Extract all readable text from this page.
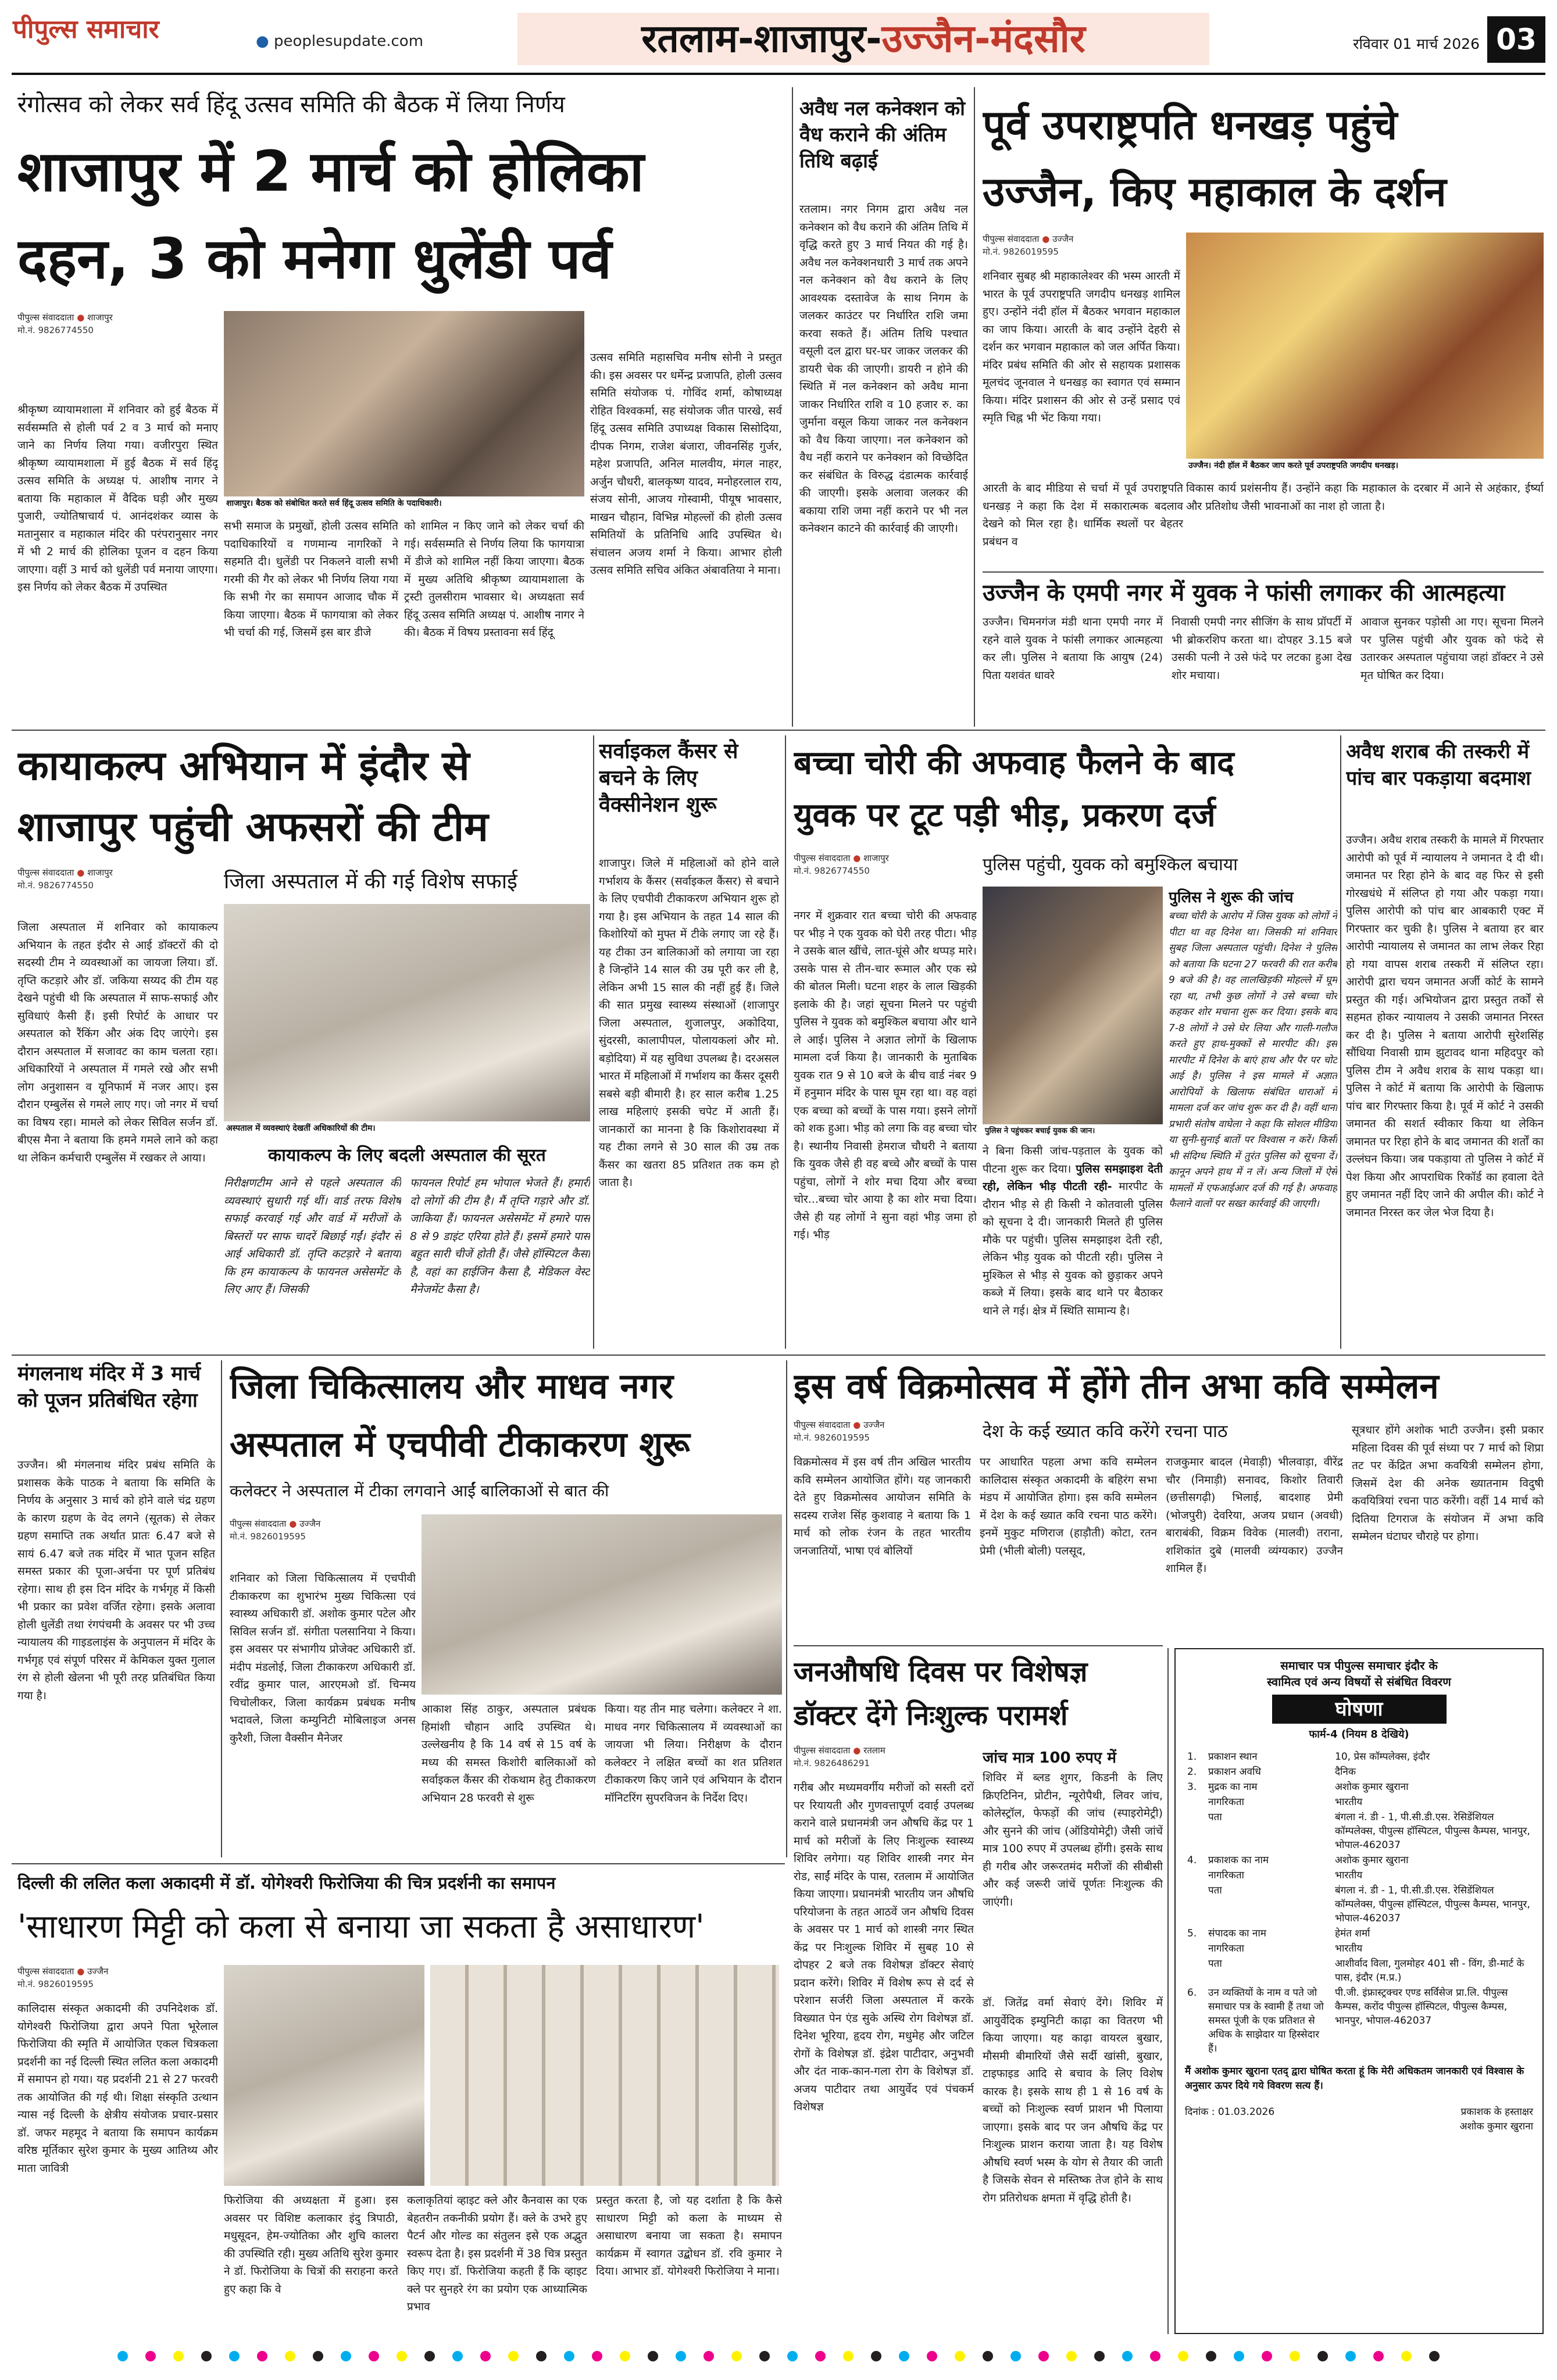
पीपुल्स समाचार	● peoplesupdate.com	रतलाम-शाजापुर-उज्जैन-मंदसौर	रविवार 01 मार्च 2026 03
रंगोत्सव को लेकर सर्व हिंदू उत्सव समिति की बैठक में लिया निर्णय
शाजापुर में 2 मार्च को होलिका
दहन, 3 को मनेगा धुलेंडी पर्व
पीपुल्स संवाददाता ● शाजापुर
मो.नं. 9826774550
शाजापुर। बैठक को संबोधित करते सर्व हिंदू उत्सव समिति के पदाधिकारी।
श्रीकृष्ण व्यायामशाला में शनिवार को हुई बैठक में सर्वसम्मति से होली पर्व 2 व 3 मार्च को मनाए जाने का निर्णय लिया गया। वजीरपुरा स्थित श्रीकृष्ण व्यायामशाला में हुई बैठक में सर्व हिंदू उत्सव समिति के अध्यक्ष पं. आशीष नागर ने बताया कि महाकाल में वैदिक घड़ी और मुख्य पुजारी, ज्योतिषाचार्य पं. आनंदशंकर व्यास के मतानुसार व महाकाल मंदिर की परंपरानुसार नगर में भी 2 मार्च की होलिका पूजन व दहन किया जाएगा। वहीं 3 मार्च को धुलेंडी पर्व मनाया जाएगा। इस निर्णय को लेकर बैठक में उपस्थित
सभी समाज के प्रमुखों, होली उत्सव समिति पदाधिकारियों व गणमान्य नागरिकों ने सहमति दी। धुलेंडी पर निकलने वाली सभी गरमी की गैर को लेकर भी निर्णय लिया गया कि सभी गेर का समापन आजाद चौक में किया जाएगा। बैठक में फागयात्रा को लेकर भी चर्चा की गई, जिसमें इस बार डीजे
को शामिल न किए जाने को लेकर चर्चा की गई। सर्वसम्मति से निर्णय लिया कि फागयात्रा में डीजे को शामिल नहीं किया जाएगा। बैठक में मुख्य अतिथि श्रीकृष्ण व्यायामशाला के ट्रस्टी तुलसीराम भावसार थे। अध्यक्षता सर्व हिंदू उत्सव समिति अध्यक्ष पं. आशीष नागर ने की। बैठक में विषय प्रस्तावना सर्व हिंदू
उत्सव समिति महासचिव मनीष सोनी ने प्रस्तुत की। इस अवसर पर धर्मेन्द्र प्रजापति, होली उत्सव समिति संयोजक पं. गोविंद शर्मा, कोषाध्यक्ष रोहित विश्वकर्मा, सह संयोजक जीत पारखे, सर्व हिंदू उत्सव समिति उपाध्यक्ष विकास सिसोदिया, दीपक निगम, राजेश बंजारा, जीवनसिंह गुर्जर, महेश प्रजापति, अनिल मालवीय, मंगल नाहर, अर्जुन चौधरी, बालकृष्ण यादव, मनोहरलाल राय, संजय सोनी, आजय गोस्वामी, पीयूष भावसार, माखन चौहान, विभिन्न मोहल्लों की होली उत्सव समितियों के प्रतिनिधि आदि उपस्थित थे। संचालन अजय शर्मा ने किया। आभार होली उत्सव समिति सचिव अंकित अंबावतिया ने माना।
अवैध नल कनेक्शन को वैध कराने की अंतिम तिथि बढ़ाई
रतलाम। नगर निगम द्वारा अवैध नल कनेक्शन को वैध कराने की अंतिम तिथि में वृद्धि करते हुए 3 मार्च नियत की गई है। अवैध नल कनेक्शनधारी 3 मार्च तक अपने नल कनेक्शन को वैध कराने के लिए आवश्यक दस्तावेज के साथ निगम के जलकर काउंटर पर निर्धारित राशि जमा करवा सकते हैं। अंतिम तिथि पश्चात वसूली दल द्वारा घर-घर जाकर जलकर की डायरी चेक की जाएगी। डायरी न होने की स्थिति में नल कनेक्शन को अवैध माना जाकर निर्धारित राशि व 10 हजार रु. का जुर्माना वसूल किया जाकर नल कनेक्शन को वैध किया जाएगा। नल कनेक्शन को वैध नहीं कराने पर कनेक्शन को विच्छेदित कर संबंधित के विरुद्ध दंडात्मक कार्रवाई की जाएगी। इसके अलावा जलकर की बकाया राशि जमा नहीं कराने पर भी नल कनेक्शन काटने की कार्रवाई की जाएगी।
पूर्व उपराष्ट्रपति धनखड़ पहुंचे
उज्जैन, किए महाकाल के दर्शन
पीपुल्स संवाददाता ● उज्जैन
मो.नं. 9826019595
शनिवार सुबह श्री महाकालेश्वर की भस्म आरती में भारत के पूर्व उपराष्ट्रपति जगदीप धनखड़ शामिल हुए। उन्होंने नंदी हॉल में बैठकर भगवान महाकाल का जाप किया। आरती के बाद उन्होंने देहरी से दर्शन कर भगवान महाकाल को जल अर्पित किया। मंदिर प्रबंध समिति की ओर से सहायक प्रशासक मूलचंद जूनवाल ने धनखड़ का स्वागत एवं सम्मान किया। मंदिर प्रशासन की ओर से उन्हें प्रसाद एवं स्मृति चिह्न भी भेंट किया गया।
उज्जैन। नंदी हॉल में बैठकर जाप करते पूर्व उपराष्ट्रपति जगदीप धनखड़।
आरती के बाद मीडिया से चर्चा में पूर्व उपराष्ट्रपति धनखड़ ने कहा कि देश में सकारात्मक बदलाव देखने को मिल रहा है। धार्मिक स्थलों पर बेहतर प्रबंधन व
विकास कार्य प्रशंसनीय हैं। उन्होंने कहा कि महाकाल के दरबार में आने से अहंकार, ईर्ष्या और प्रतिशोध जैसी भावनाओं का नाश हो जाता है।
उज्जैन के एमपी नगर में युवक ने फांसी लगाकर की आत्महत्या
उज्जैन। चिमनगंज मंडी थाना एमपी नगर में रहने वाले युवक ने फांसी लगाकर आत्महत्या कर ली। पुलिस ने बताया कि आयुष (24) पिता यशवंत धावरे
निवासी एमपी नगर सीजिंग के साथ प्रॉपर्टी में भी ब्रोकरशिप करता था। दोपहर 3.15 बजे उसकी पत्नी ने उसे फंदे पर लटका हुआ देख शोर मचाया।
आवाज सुनकर पड़ोसी आ गए। सूचना मिलने पर पुलिस पहुंची और युवक को फंदे से उतारकर अस्पताल पहुंचाया जहां डॉक्टर ने उसे मृत घोषित कर दिया।
कायाकल्प अभियान में इंदौर से
शाजापुर पहुंची अफसरों की टीम
पीपुल्स संवाददाता ● शाजापुर
मो.नं. 9826774550	जिला अस्पताल में की गई विशेष सफाई
जिला अस्पताल में शनिवार को कायाकल्प अभियान के तहत इंदौर से आई डॉक्टरों की दो सदस्यी टीम ने व्यवस्थाओं का जायजा लिया। डॉ. तृप्ति कटड़ारे और डॉ. जकिया सय्यद की टीम यह देखने पहुंची थी कि अस्पताल में साफ-सफाई और सुविधाएं कैसी हैं। इसी रिपोर्ट के आधार पर अस्पताल को रैंकिंग और अंक दिए जाएंगे। इस दौरान अस्पताल में सजावट का काम चलता रहा। अधिकारियों ने अस्पताल में गमले रखे और सभी लोग अनुशासन व यूनिफार्म में नजर आए। इस दौरान एम्बुलेंस से गमले लाए गए। जो नगर में चर्चा का विषय रहा। मामले को लेकर सिविल सर्जन डॉ. बीएस मैना ने बताया कि हमने गमले लाने को कहा था लेकिन कर्मचारी एम्बुलेंस में रखकर ले आया।
अस्पताल में व्यवस्थाएं देखतीं अधिकारियों की टीम।
कायाकल्प के लिए बदली अस्पताल की सूरत
निरीक्षणटीम आने से पहले अस्पताल की व्यवस्थाएं सुधारी गई थीं। वार्ड तरफ विशेष सफाई करवाई गई और वार्ड में मरीजों के बिस्तरों पर साफ चादरें बिछाई गईं। इंदौर से आई अधिकारी डॉ. तृप्ति कटड़ारे ने बताया कि हम कायाकल्प के फायनल असेसमेंट के लिए आए हैं। जिसकी
फायनल रिपोर्ट हम भोपाल भेजते हैं। हमारी दो लोगों की टीम है। मैं तृप्ति गड़ारे और डॉ. जाकिया हैं। फायनल असेसमेंट में हमारे पास 8 से 9 डाइंट एरिया होते हैं। इसमें हमारे पास बहुत सारी चीजें होती हैं। जैसे हॉस्पिटल कैसा है, वहां का हाईजिन कैसा है, मेडिकल वेस्ट मैनेजमेंट कैसा है।
सर्वाइकल कैंसर से बचने के लिए वैक्सीनेशन शुरू
शाजापुर। जिले में महिलाओं को होने वाले गर्भाशय के कैंसर (सर्वाइकल कैंसर) से बचाने के लिए एचपीवी टीकाकरण अभियान शुरू हो गया है। इस अभियान के तहत 14 साल की किशोरियों को मुफ्त में टीके लगाए जा रहे हैं। यह टीका उन बालिकाओं को लगाया जा रहा है जिन्होंने 14 साल की उम्र पूरी कर ली है, लेकिन अभी 15 साल की नहीं हुई हैं। जिले की सात प्रमुख स्वास्थ्य संस्थाओं (शाजापुर जिला अस्पताल, शुजालपुर, अकोदिया, सुंदरसी, कालापीपल, पोलायकलां और मो. बड़ोदिया) में यह सुविधा उपलब्ध है। दरअसल भारत में महिलाओं में गर्भाशय का कैंसर दूसरी सबसे बड़ी बीमारी है। हर साल करीब 1.25 लाख महिलाएं इसकी चपेट में आती हैं। जानकारों का मानना है कि किशोरावस्था में यह टीका लगने से 30 साल की उम्र तक कैंसर का खतरा 85 प्रतिशत तक कम हो जाता है।
बच्चा चोरी की अफवाह फैलने के बाद
युवक पर टूट पड़ी भीड़, प्रकरण दर्ज
पीपुल्स संवाददाता ● शाजापुर
मो.नं. 9826774550	पुलिस पहुंची, युवक को बमुश्किल बचाया
नगर में शुक्रवार रात बच्चा चोरी की अफवाह पर भीड़ ने एक युवक को घेरी तरह पीटा। भीड़ ने उसके बाल खींचे, लात-घूंसे और थप्पड़ मारे। उसके पास से तीन-चार रूमाल और एक स्प्रे की बोतल मिली। घटना शहर के लाल खिड़की इलाके की है। जहां सूचना मिलने पर पहुंची पुलिस ने युवक को बमुश्किल बचाया और थाने ले आई। पुलिस ने अज्ञात लोगों के खिलाफ मामला दर्ज किया है। जानकारी के मुताबिक युवक रात 9 से 10 बजे के बीच वार्ड नंबर 9 में हनुमान मंदिर के पास घूम रहा था। वह वहां एक बच्चा को बच्चों के पास गया। इसने लोगों को शक हुआ। भीड़ को लगा कि वह बच्चा चोर है। स्थानीय निवासी हेमराज चौधरी ने बताया कि युवक जैसे ही वह बच्चे और बच्चों के पास पहुंचा, लोगों ने शोर मचा दिया और बच्चा चोर...बच्चा चोर आया है का शोर मचा दिया। जैसे ही यह लोगों ने सुना वहां भीड़ जमा हो गई। भीड़
पुलिस ने पहुंचकर बचाई युवक की जान।
ने बिना किसी जांच-पड़ताल के युवक को पीटना शुरू कर दिया। पुलिस समझाइश देती रही, लेकिन भीड़ पीटती रही- मारपीट के दौरान भीड़ से ही किसी ने कोतवाली पुलिस को सूचना दे दी। जानकारी मिलते ही पुलिस मौके पर पहुंची। पुलिस समझाइश देती रही, लेकिन भीड़ युवक को पीटती रही। पुलिस ने मुश्किल से भीड़ से युवक को छुड़ाकर अपने कब्जे में लिया। इसके बाद थाने पर बैठाकर थाने ले गई। क्षेत्र में स्थिति सामान्य है।
पुलिस ने शुरू की जांच
बच्चा चोरी के आरोप में जिस युवक को लोगों ने पीटा था वह दिनेश था। जिसकी मां शनिवार सुबह जिला अस्पताल पहुंची। दिनेश ने पुलिस को बताया कि घटना 27 फरवरी की रात करीब 9 बजे की है। वह लालखिड़की मोहल्ले में घूम रहा था, तभी कुछ लोगों ने उसे बच्चा चोर कहकर शोर मचाना शुरू कर दिया। इसके बाद 7-8 लोगों ने उसे घेर लिया और गाली-गलौज करते हुए हाथ-मुक्कों से मारपीट की। इस मारपीट में दिनेश के बाएं हाथ और पैर पर चोट आई है। पुलिस ने इस मामले में अज्ञात आरोपियों के खिलाफ संबंधित धाराओं में मामला दर्ज कर जांच शुरू कर दी है। वहीं थाना प्रभारी संतोष वाघेला ने कहा कि सोशल मीडिया या सुनी-सुनाई बातों पर विश्वास न करें। किसी भी संदिग्ध स्थिति में तुरंत पुलिस को सूचना दें। कानून अपने हाथ में न लें। अन्य जिलों में ऐसे मामलों में एफआईआर दर्ज की गई है। अफवाह फैलाने वालों पर सख्त कार्रवाई की जाएगी।
अवैध शराब की तस्करी में पांच बार पकड़ाया बदमाश
उज्जैन। अवैध शराब तस्करी के मामले में गिरफ्तार आरोपी को पूर्व में न्यायालय ने जमानत दे दी थी। जमानत पर रिहा होने के बाद वह फिर से इसी गोरखधंधे में संलिप्त हो गया और पकड़ा गया। पुलिस आरोपी को पांच बार आबकारी एक्ट में गिरफ्तार कर चुकी है। पुलिस ने बताया हर बार आरोपी न्यायालय से जमानत का लाभ लेकर रिहा हो गया वापस शराब तस्करी में संलिप्त रहा। आरोपी द्वारा चयन जमानत अर्जी कोर्ट के सामने प्रस्तुत की गई। अभियोजन द्वारा प्रस्तुत तर्कों से सहमत होकर न्यायालय ने उसकी जमानत निरस्त कर दी है। पुलिस ने बताया आरोपी सुरेशसिंह सौंधिया निवासी ग्राम झुटावद थाना महिदपुर को पुलिस टीम ने अवैध शराब के साथ पकड़ा था। पुलिस ने कोर्ट में बताया कि आरोपी के खिलाफ पांच बार गिरफ्तार किया है। पूर्व में कोर्ट ने उसकी जमानत की सशर्त स्वीकार किया था लेकिन जमानत पर रिहा होने के बाद जमानत की शर्तों का उल्लंघन किया। जब पकड़ाया तो पुलिस ने कोर्ट में पेश किया और आपराधिक रिकॉर्ड का हवाला देते हुए जमानत नहीं दिए जाने की अपील की। कोर्ट ने जमानत निरस्त कर जेल भेज दिया है।
मंगलनाथ मंदिर में 3 मार्च को पूजन प्रतिबंधित रहेगा
उज्जैन। श्री मंगलनाथ मंदिर प्रबंध समिति के प्रशासक केके पाठक ने बताया कि समिति के निर्णय के अनुसार 3 मार्च को होने वाले चंद्र ग्रहण के कारण ग्रहण के वेद लगने (सूतक) से लेकर ग्रहण समाप्ति तक अर्थात प्रातः 6.47 बजे से सायं 6.47 बजे तक मंदिर में भात पूजन सहित समस्त प्रकार की पूजा-अर्चना पर पूर्ण प्रतिबंध रहेगा। साथ ही इस दिन मंदिर के गर्भगृह में किसी भी प्रकार का प्रवेश वर्जित रहेगा। इसके अलावा होली धुलेंडी तथा रंगपंचमी के अवसर पर भी उच्च न्यायालय की गाइडलाइंस के अनुपालन में मंदिर के गर्भगृह एवं संपूर्ण परिसर में केमिकल युक्त गुलाल रंग से होली खेलना भी पूरी तरह प्रतिबंधित किया गया है।
जिला चिकित्सालय और माधव नगर
अस्पताल में एचपीवी टीकाकरण शुरू
कलेक्टर ने अस्पताल में टीका लगवाने आईं बालिकाओं से बात की
पीपुल्स संवाददाता ● उज्जैन
मो.नं. 9826019595
शनिवार को जिला चिकित्सालय में एचपीवी टीकाकरण का शुभारंभ मुख्य चिकित्सा एवं स्वास्थ्य अधिकारी डॉ. अशोक कुमार पटेल और सिविल सर्जन डॉ. संगीता पलसानिया ने किया। इस अवसर पर संभागीय प्रोजेक्ट अधिकारी डॉ. मंदीप मंडलोई, जिला टीकाकरण अधिकारी डॉ. रवींद्र कुमार पाल, आरएमओ डॉ. चिन्मय चिचोलीकर, जिला कार्यक्रम प्रबंधक मनीष भदावले, जिला कम्युनिटी मोबिलाइज अनस कुरैशी, जिला वैक्सीन मैनेजर
आकाश सिंह ठाकुर, अस्पताल प्रबंधक हिमांशी चौहान आदि उपस्थित थे। उल्लेखनीय है कि 14 वर्ष से 15 वर्ष के मध्य की समस्त किशोरी बालिकाओं को सर्वाइकल कैंसर की रोकथाम हेतु टीकाकरण अभियान 28 फरवरी से शुरू
किया। यह तीन माह चलेगा। कलेक्टर ने शा. माधव नगर चिकित्सालय में व्यवस्थाओं का जायजा भी लिया। निरीक्षण के दौरान कलेक्टर ने लक्षित बच्चों का शत प्रतिशत टीकाकरण किए जाने एवं अभियान के दौरान मॉनिटरिंग सुपरविजन के निर्देश दिए।
इस वर्ष विक्रमोत्सव में होंगे तीन अभा कवि सम्मेलन
पीपुल्स संवाददाता ● उज्जैन
मो.नं. 9826019595	देश के कई ख्यात कवि करेंगे रचना पाठ
विक्रमोत्सव में इस वर्ष तीन अखिल भारतीय कवि सम्मेलन आयोजित होंगे। यह जानकारी देते हुए विक्रमोत्सव आयोजन समिति के सदस्य राजेश सिंह कुशवाह ने बताया कि 1 मार्च को लोक रंजन के तहत भारतीय जनजातियों, भाषा एवं बोलियों
पर आधारित पहला अभा कवि सम्मेलन कालिदास संस्कृत अकादमी के बहिरंग सभा मंडप में आयोजित होगा। इस कवि सम्मेलन में देश के कई ख्यात कवि रचना पाठ करेंगे। इनमें मुकुट मणिराज (हाड़ौती) कोटा, रतन प्रेमी (भीली बोली) पलसूद,
राजकुमार बादल (मेवाड़ी) भीलवाड़ा, वीरेंद्र चौर (निमाड़ी) सनावद, किशोर तिवारी (छत्तीसगढ़ी) भिलाई, बादशाह प्रेमी (भोजपुरी) देवरिया, अजय प्रधान (अवधी) बाराबंकी, विक्रम विवेक (मालवी) तराना, शशिकांत दुबे (मालवी व्यंग्यकार) उज्जैन शामिल हैं।
सूत्रधार होंगे अशोक भाटी उज्जैन। इसी प्रकार महिला दिवस की पूर्व संध्या पर 7 मार्च को शिप्रा तट पर केंद्रित अभा कवयित्री सम्मेलन होगा, जिसमें देश की अनेक ख्यातनाम विदुषी कवयित्रियां रचना पाठ करेंगी। वहीं 14 मार्च को दितिया टिगराज के संयोजन में अभा कवि सम्मेलन घंटाघर चौराहे पर होगा।
जनऔषधि दिवस पर विशेषज्ञ
डॉक्टर देंगे निःशुल्क परामर्श
पीपुल्स संवाददाता ● रतलाम
मो.नं. 9826486291
गरीब और मध्यमवर्गीय मरीजों को सस्ती दरों पर रियायती और गुणवत्तापूर्ण दवाई उपलब्ध कराने वाले प्रधानमंत्री जन औषधि केंद्र पर 1 मार्च को मरीजों के लिए निःशुल्क स्वास्थ्य शिविर लगेगा। यह शिविर शास्त्री नगर मेन रोड, साईं मंदिर के पास, रतलाम में आयोजित किया जाएगा। प्रधानमंत्री भारतीय जन औषधि परियोजना के तहत आठवें जन औषधि दिवस के अवसर पर 1 मार्च को शास्त्री नगर स्थित केंद्र पर निःशुल्क शिविर में सुबह 10 से दोपहर 2 बजे तक विशेषज्ञ डॉक्टर सेवाएं प्रदान करेंगे। शिविर में विशेष रूप से दर्द से परेशान सर्जरी जिला अस्पताल में करके विख्यात पेन एंड सुके अस्थि रोग विशेषज्ञ डॉ. दिनेश भूरिया, हृदय रोग, मधुमेह और जटिल रोगों के विशेषज्ञ डॉ. इंद्रेश पाटीदार, अनुभवी और दंत नाक-कान-गला रोग के विशेषज्ञ डॉ. अजय पाटीदार तथा आयुर्वेद एवं पंचकर्म विशेषज्ञ
जांच मात्र 100 रुपए में
शिविर में ब्लड शुगर, किडनी के लिए क्रिएटिनिन, प्रोटीन, न्यूरोपैथी, लिवर जांच, कोलेस्ट्रॉल, फेफड़ों की जांच (स्पाइरोमेट्री) और सुनने की जांच (ऑडियोमेट्री) जैसी जांचें मात्र 100 रुपए में उपलब्ध होंगी। इसके साथ ही गरीब और जरूरतमंद मरीजों की सीबीसी और कई जरूरी जांचें पूर्णतः निःशुल्क की जाएंगी।
डॉ. जितेंद्र वर्मा सेवाएं देंगे। शिविर में आयुर्वेदिक इम्युनिटी काढ़ा का वितरण भी किया जाएगा। यह काढ़ा वायरल बुखार, मौसमी बीमारियों जैसे सर्दी खांसी, बुखार, टाइफाइड आदि से बचाव के लिए विशेष कारक है। इसके साथ ही 1 से 16 वर्ष के बच्चों को निःशुल्क स्वर्ण प्राशन भी पिलाया जाएगा। इसके बाद पर जन औषधि केंद्र पर निःशुल्क प्राशन कराया जाता है। यह विशेष औषधि स्वर्ण भस्म के योग से तैयार की जाती है जिसके सेवन से मस्तिष्क तेज होने के साथ रोग प्रतिरोधक क्षमता में वृद्धि होती है।
समाचार पत्र पीपुल्स समाचार इंदौर के
स्वामित्व एवं अन्य विषयों से संबंधित विवरण
घोषणा
फार्म-4 (नियम 8 देखिये)
1.	प्रकाशन स्थान	10, प्रेस कॉम्पलेक्स, इंदौर
2.	प्रकाशन अवधि	दैनिक
3.	मुद्रक का नाम	अशोक कुमार खुराना
	नागरिकता	भारतीय
	पता	बंगला नं. डी - 1, पी.सी.डी.एस. रेसिडेंशियल कॉम्पलेक्स, पीपुल्स हॉस्पिटल, पीपुल्स कैम्पस, भानपुर, भोपाल-462037
4.	प्रकाशक का नाम	अशोक कुमार खुराना
	नागरिकता	भारतीय
	पता	बंगला नं. डी - 1, पी.सी.डी.एस. रेसिडेंशियल कॉम्पलेक्स, पीपुल्स हॉस्पिटल, पीपुल्स कैम्पस, भानपुर, भोपाल-462037
5.	संपादक का नाम	हेमंत शर्मा
	नागरिकता	भारतीय
	पता	आशीर्वाद विला, गुलमोहर 401 सी - विंग, डी-मार्ट के पास, इंदौर (म.प्र.)
6.	उन व्यक्तियों के नाम व पते जो समाचार पत्र के स्वामी हैं तथा जो समस्त पूंजी के एक प्रतिशत से अधिक के साझेदार या हिस्सेदार हैं।	पी.जी. इंफ्रास्ट्रक्चर एण्ड सर्विसेज प्रा.लि. पीपुल्स कैम्पस, करोंद पीपुल्स हॉस्पिटल, पीपुल्स कैम्पस, भानपुर, भोपाल-462037
मैं अशोक कुमार खुराना एतद् द्वारा घोषित करता हूं कि मेरी अधिकतम जानकारी एवं विश्वास के अनुसार ऊपर दिये गये विवरण सत्य हैं।
दिनांक : 01.03.2026	प्रकाशक के हस्ताक्षर
अशोक कुमार खुराना
दिल्ली की ललित कला अकादमी में डॉ. योगेश्वरी फिरोजिया की चित्र प्रदर्शनी का समापन
'साधारण मिट्टी को कला से बनाया जा सकता है असाधारण'
पीपुल्स संवाददाता ● उज्जैन
मो.नं. 9826019595
कालिदास संस्कृत अकादमी की उपनिदेशक डॉ. योगेश्वरी फिरोजिया द्वारा अपने पिता भूरेलाल फिरोजिया की स्मृति में आयोजित एकल चित्रकला प्रदर्शनी का नई दिल्ली स्थित ललित कला अकादमी में समापन हो गया। यह प्रदर्शनी 21 से 27 फरवरी तक आयोजित की गई थी। शिक्षा संस्कृति उत्थान न्यास नई दिल्ली के क्षेत्रीय संयोजक प्रचार-प्रसार डॉ. जफर महमूद ने बताया कि समापन कार्यक्रम वरिष्ठ मूर्तिकार सुरेश कुमार के मुख्य आतिथ्य और माता जावित्री
फिरोजिया की अध्यक्षता में हुआ। इस अवसर पर विशिष्ट कलाकार इंदु त्रिपाठी, मधुसूदन, हेम-ज्योतिका और शुचि कालरा की उपस्थिति रही। मुख्य अतिथि सुरेश कुमार ने डॉ. फिरोजिया के चित्रों की सराहना करते हुए कहा कि वे
कलाकृतियां व्हाइट क्ले और कैनवास का एक बेहतरीन तकनीकी प्रयोग हैं। क्ले के उभरे हुए पैटर्न और गोल्ड का संतुलन इसे एक अद्भुत स्वरूप देता है। इस प्रदर्शनी में 38 चित्र प्रस्तुत किए गए। डॉ. फिरोजिया कहती हैं कि व्हाइट क्ले पर सुनहरे रंग का प्रयोग एक आध्यात्मिक प्रभाव
प्रस्तुत करता है, जो यह दर्शाता है कि कैसे साधारण मिट्टी को कला के माध्यम से असाधारण बनाया जा सकता है। समापन कार्यक्रम में स्वागत उद्बोधन डॉ. रवि कुमार ने दिया। आभार डॉ. योगेश्वरी फिरोजिया ने माना।
